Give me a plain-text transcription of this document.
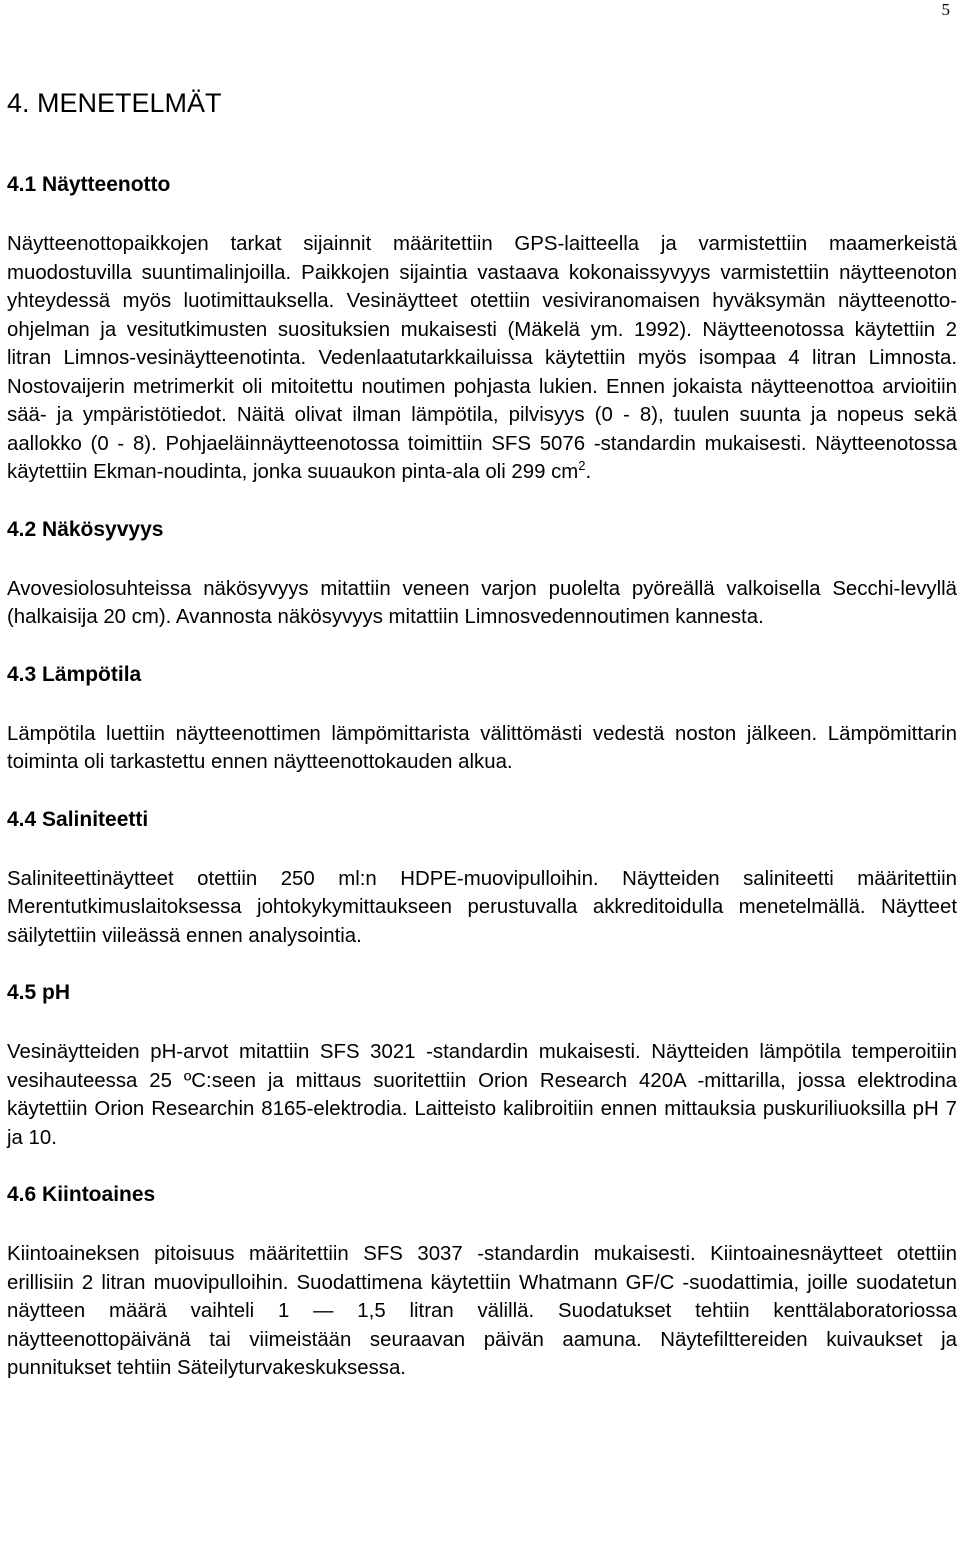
5
4. MENETELMÄT
4.1 Näytteenotto
Näytteenottopaikkojen tarkat sijainnit määritettiin GPS-laitteella ja varmistettiin maamerkeistä muodostuvilla suuntimalinjoilla. Paikkojen sijaintia vastaava kokonaissyvyys varmistettiin näytteenoton yhteydessä myös luotimittauksella. Vesinäytteet otettiin vesiviranomaisen hyväksymän näytteenotto-ohjelman ja vesitutkimusten suosituksien mukaisesti (Mäkelä ym. 1992). Näytteenotossa käytettiin 2 litran Limnos-vesinäytteenotinta. Vedenlaatutarkkailuissa käytettiin myös isompaa 4 litran Limnosta. Nostovaijerin metrimerkit oli mitoitettu noutimen pohjasta lukien. Ennen jokaista näytteenottoa arvioitiin sää- ja ympäristötiedot. Näitä olivat ilman lämpötila, pilvisyys (0 - 8), tuulen suunta ja nopeus sekä aallokko (0 - 8). Pohjaeläinnäytteenotossa toimittiin SFS 5076 -standardin mukaisesti. Näytteenotossa käytettiin Ekman-noudinta, jonka suuaukon pinta-ala oli 299 $cm^2$.
4.2 Näkösyvyys
Avovesiolosuhteissa näkösyvyys mitattiin veneen varjon puolelta pyöreällä valkoisella Secchi-levyllä (halkaisija 20 cm). Avannosta näkösyvyys mitattiin Limnosvedennoutimen kannesta.
4.3 Lämpötila
Lämpötila luettiin näytteenottimen lämpömittarista välittömästi vedestä noston jälkeen. Lämpömittarin toiminta oli tarkastettu ennen näytteenottokauden alkua.
4.4 Saliniteetti
Saliniteettinäytteet otettiin 250 ml:n HDPE-muovipulloihin. Näytteiden saliniteetti määritettiin Merentutkimuslaitoksessa johtokykymittaukseen perustuvalla akkreditoidulla menetelmällä. Näytteet säilytettiin viileässä ennen analysointia.
4.5 pH
Vesinäytteiden pH-arvot mitattiin SFS 3021 -standardin mukaisesti. Näytteiden lämpötila temperoitiin vesihauteessa 25 ºC:seen ja mittaus suoritettiin Orion Research 420A -mittarilla, jossa elektrodina käytettiin Orion Researchin 8165-elektrodia. Laitteisto kalibroitiin ennen mittauksia puskuriliuoksilla pH 7 ja 10.
4.6 Kiintoaines
Kiintoaineksen pitoisuus määritettiin SFS 3037 -standardin mukaisesti. Kiintoainesnäytteet otettiin erillisiin 2 litran muovipulloihin. Suodattimena käytettiin Whatmann GF/C -suodattimia, joille suodatetun näytteen määrä vaihteli 1 — 1,5 litran välillä. Suodatukset tehtiin kenttälaboratoriossa näytteenottopäivänä tai viimeistään seuraavan päivän aamuna. Näytefilttereiden kuivaukset ja punnitukset tehtiin Säteilyturvakeskuksessa.
